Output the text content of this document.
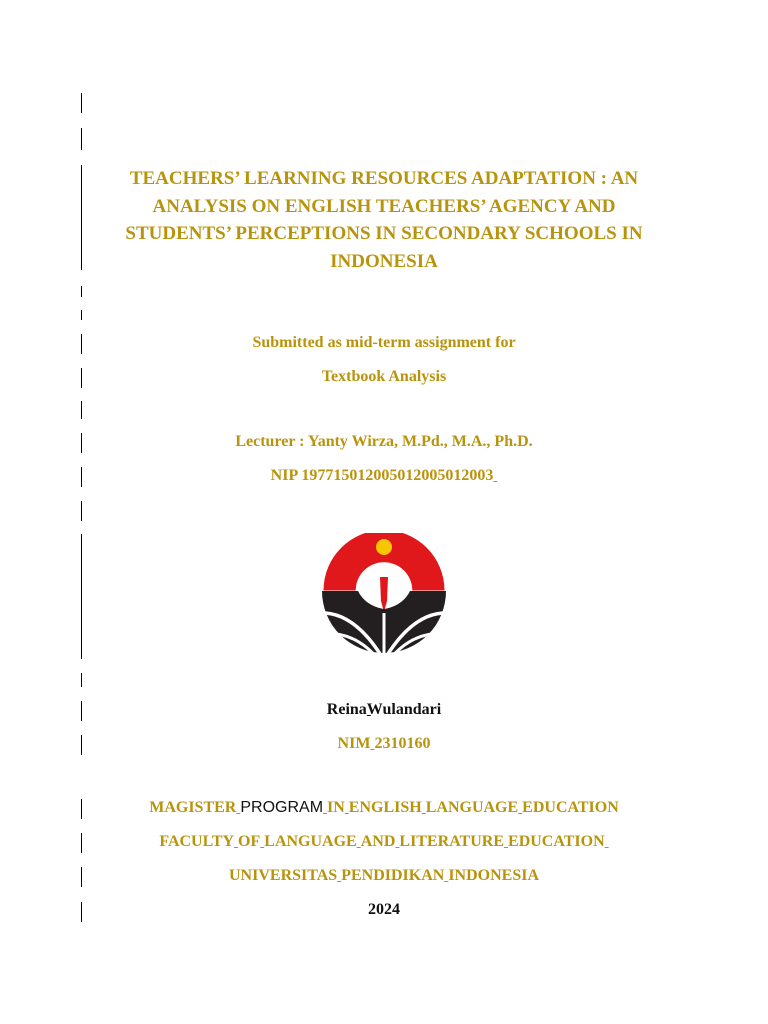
TEACHERS’ LEARNING RESOURCES ADAPTATION : AN ANALYSIS ON ENGLISH TEACHERS’ AGENCY AND STUDENTS’ PERCEPTIONS IN SECONDARY SCHOOLS IN INDONESIA
Submitted as mid-term assignment for
Textbook Analysis
Lecturer : Yanty Wirza, M.Pd., M.A., Ph.D.
NIP 197715012005012005012003
Reina Wulandari
NIM 2310160
MAGISTER PROGRAM IN ENGLISH LANGUAGE EDUCATION
FACULTY OF LANGUAGE AND LITERATURE EDUCATION
UNIVERSITAS PENDIDIKAN INDONESIA
2024
